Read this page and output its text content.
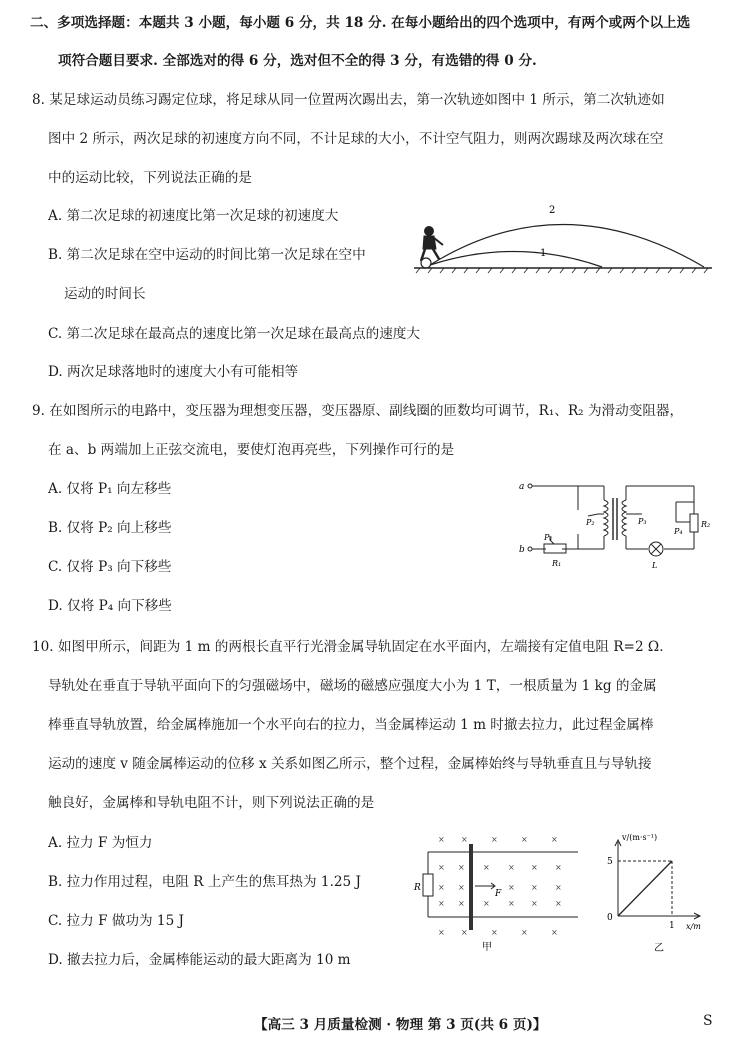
二、多项选择题：本题共 3 小题，每小题 6 分，共 18 分. 在每小题给出的四个选项中，有两个或两个以上选
项符合题目要求. 全部选对的得 6 分，选对但不全的得 3 分，有选错的得 0 分.
8. 某足球运动员练习踢定位球，将足球从同一位置两次踢出去，第一次轨迹如图中 1 所示，第二次轨迹如
图中 2 所示，两次足球的初速度方向不同，不计足球的大小，不计空气阻力，则两次踢球及两次球在空
中的运动比较，下列说法正确的是
A. 第二次足球的初速度比第一次足球的初速度大
B. 第二次足球在空中运动的时间比第一次足球在空中
运动的时间长
C. 第二次足球在最高点的速度比第一次足球在最高点的速度大
D. 两次足球落地时的速度大小有可能相等
2
1
9. 在如图所示的电路中，变压器为理想变压器，变压器原、副线圈的匝数均可调节，R₁、R₂ 为滑动变阻器，
在 a、b 两端加上正弦交流电，要使灯泡再亮些，下列操作可行的是
A. 仅将 P₁ 向左移些
B. 仅将 P₂ 向上移些
C. 仅将 P₃ 向下移些
D. 仅将 P₄ 向下移些
a
b
P₁
R₁
P₂	P₃
P₄
R₂
L
10. 如图甲所示，间距为 1 m 的两根长直平行光滑金属导轨固定在水平面内，左端接有定值电阻 R=2 Ω.
导轨处在垂直于导轨平面向下的匀强磁场中，磁场的磁感应强度大小为 1 T，一根质量为 1 kg 的金属
棒垂直导轨放置，给金属棒施加一个水平向右的拉力，当金属棒运动 1 m 时撤去拉力，此过程金属棒
运动的速度 v 随金属棒运动的位移 x 关系如图乙所示，整个过程，金属棒始终与导轨垂直且与导轨接
触良好，金属棒和导轨电阻不计，则下列说法正确的是
A. 拉力 F 为恒力
B. 拉力作用过程，电阻 R 上产生的焦耳热为 1.25 J
C. 拉力 F 做功为 15 J
D. 撤去拉力后，金属棒能运动的最大距离为 10 m
× ×	×	×	×
× × × × × ×
× ×	× × ×
× × × × × ×
× ×	×	×	×
R
F
甲
v/(m·s⁻¹)
5
0
1 x/m
乙
【高三 3 月质量检测 · 物理 第 3 页(共 6 页)】	S
